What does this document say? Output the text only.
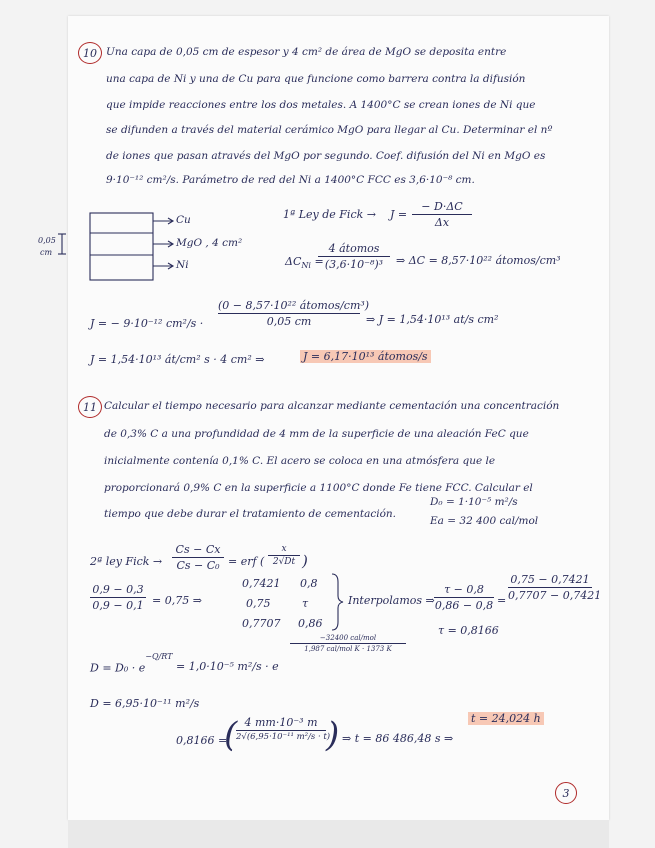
10 Una capa de 0,05 cm de espesor y 4 cm² de área de MgO se deposita entre
una capa de Ni y una de Cu para que funcione como barrera contra la difusión
que impide reacciones entre los dos metales. A 1400°C se crean iones de Ni que
se difunden a través del material cerámico MgO para llegar al Cu. Determinar el nº
de iones que pasan através del MgO por segundo. Coef. difusión del Ni en MgO es
9·10⁻¹² cm²/s. Parámetro de red del Ni a 1400°C FCC es 3,6·10⁻⁸ cm.
Cu
MgO , 4 cm²
Ni
0,05
cm
1ª Ley de Fick → J =
− D·ΔC
Δx
$\Delta C_{Ni}$ =
4 átomos
(3,6·10⁻⁸)³	⇒ ΔC = 8,57·10²² átomos/cm³
J = − 9·10⁻¹² cm²/s ·
(0 − 8,57·10²² átomos/cm³)
0,05 cm	⇒ J = 1,54·10¹³ at/s cm²
J = 1,54·10¹³ át/cm² s · 4 cm² ⇒	J = 6,17·10¹³ átomos/s
11 Calcular el tiempo necesario para alcanzar mediante cementación una concentración
de 0,3% C a una profundidad de 4 mm de la superficie de una aleación FeC que
inicialmente contenía 0,1% C. El acero se coloca en una atmósfera que le
proporcionará 0,9% C en la superficie a 1100°C donde Fe tiene FCC. Calcular el
tiempo que debe durar el tratamiento de cementación.
D₀ = 1·10⁻⁵ m²/s
Ea = 32 400 cal/mol
2ª ley Fick →
Cs − Cx
Cs − C₀ = erf (
x
2√Dt )
0,9 − 0,3
0,9 − 0,1 = 0,75 ⇒
0,7421 0,8
0,75	τ
0,7707 0,86
Interpolamos ⇒
τ − 0,8
0,86 − 0,8 =
0,75 − 0,7421
0,7707 − 0,7421
τ = 0,8166
$D = D_0 \cdot e^{-Q/RT}$
= 1,0·10⁻⁵ m²/s · e
−32400 cal/mol
1,987 cal/mol K · 1373 K
D = 6,95·10⁻¹¹ m²/s
0,8166 =
( 4 mm·10⁻³ m
2√(6,95·10⁻¹¹ m²/s · t)
) ⇒ t = 86 486,48 s ⇒
t = 24,024 h
3
